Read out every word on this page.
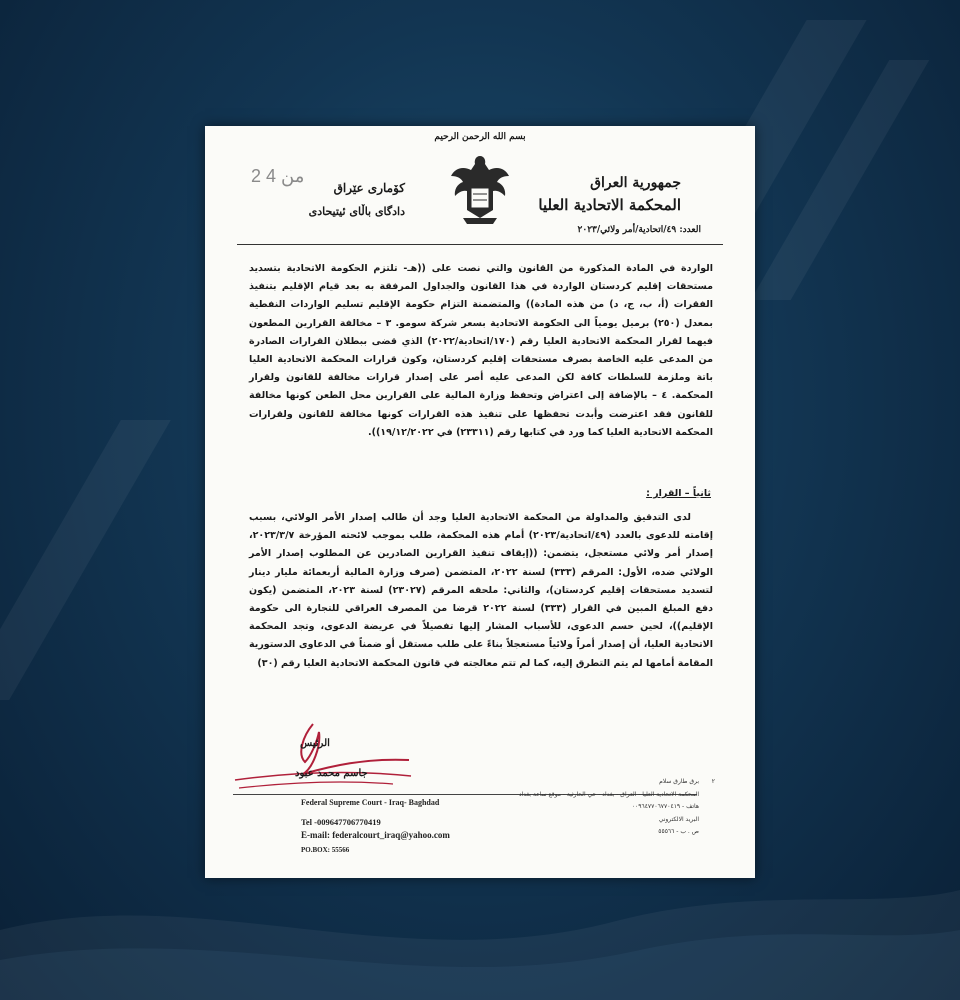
بسم الله الرحمن الرحيم
2 من 4
كۆمارى عێراق
دادگاى باڵاى ئیتیحادى
جمهورية العراق
المحكمة الاتحادية العليا
العدد: ٤٩/اتحادية/أمر ولائي/٢٠٢٣
الواردة في المادة المذكورة من القانون والتي نصت على ((هـ- تلتزم الحكومة الاتحادية بتسديد مستحقات إقليم كردستان الواردة في هذا القانون والجداول المرفقة به بعد قيام الإقليم بتنفيذ الفقرات (أ، ب، ج، د) من هذه المادة)) والمتضمنة التزام حكومة الإقليم تسليم الواردات النفطية بمعدل (٢٥٠) برميل يومياً الى الحكومة الاتحادية بسعر شركة سومو. ٣ – مخالفة القرارين المطعون فيهما لقرار المحكمة الاتحادية العليا رقم (١٧٠/اتحادية/٢٠٢٢) الذي قضى ببطلان القرارات الصادرة من المدعى عليه الخاصة بصرف مستحقات إقليم كردستان، وكون قرارات المحكمة الاتحادية العليا باتة وملزمة للسلطات كافة لكن المدعى عليه أصر على إصدار قرارات مخالفة للقانون ولقرار المحكمة. ٤ – بالإضافة إلى اعتراض وتحفظ وزارة المالية على القرارين محل الطعن كونها مخالفة للقانون فقد اعترضت وأبدت تحفظها على تنفيذ هذه القرارات كونها مخالفة للقانون ولقرارات المحكمة الاتحادية العليا كما ورد في كتابها رقم (٢٣٣١١) في ١٩/١٢/٢٠٢٢)).
ثانياً – القرار :

لدى التدقيق والمداولة من المحكمة الاتحادية العليا وجد أن طالب إصدار الأمر الولائي، بسبب إقامته للدعوى بالعدد (٤٩/اتحادية/٢٠٢٣) أمام هذه المحكمة، طلب بموجب لائحته المؤرخة ٢٠٢٣/٣/٧، إصدار أمر ولائي مستعجل، يتضمن: ((إيقاف تنفيذ القرارين الصادرين عن المطلوب إصدار الأمر الولائي ضده، الأول: المرقم (٣٣٣) لسنة ٢٠٢٢، المتضمن (صرف وزارة المالية أربعمائة مليار دينار لتسديد مستحقات إقليم كردستان)، والثاني: ملحقه المرقم (٢٣٠٢٧) لسنة ٢٠٢٣، المتضمن (يكون دفع المبلغ المبين في القرار (٣٣٣) لسنة ٢٠٢٢ قرضا من المصرف العراقي للتجارة الى حكومة الإقليم))، لحين حسم الدعوى، للأسباب المشار إليها تفصيلاً في عريضة الدعوى، وتجد المحكمة الاتحادية العليا، أن إصدار أمراً ولائياً مستعجلاً بناءً على طلب مستقل أو ضمناً في الدعاوى الدستورية المقامة أمامها لم يتم التطرق إليه، كما لم تتم معالجته في قانون المحكمة الاتحادية العليا رقم (٣٠)

الرئيس
جاسم محمد عبود
Federal Supreme Court - Iraq- Baghdad
Tel -009647706770419
E-mail: federalcourt_iraq@yahoo.com
PO.BOX: 55566
٢
برق طارق سلام
المحكمة الاتحادية العليا - العراق - بغداد - حي الحارثية - موقع ساعة بغداد
هاتف - ٠٠٩٦٤٧٧٠٦٧٧٠٤١٩
البريد الالكتروني
ص . ب - ٥٥٥٦٦
